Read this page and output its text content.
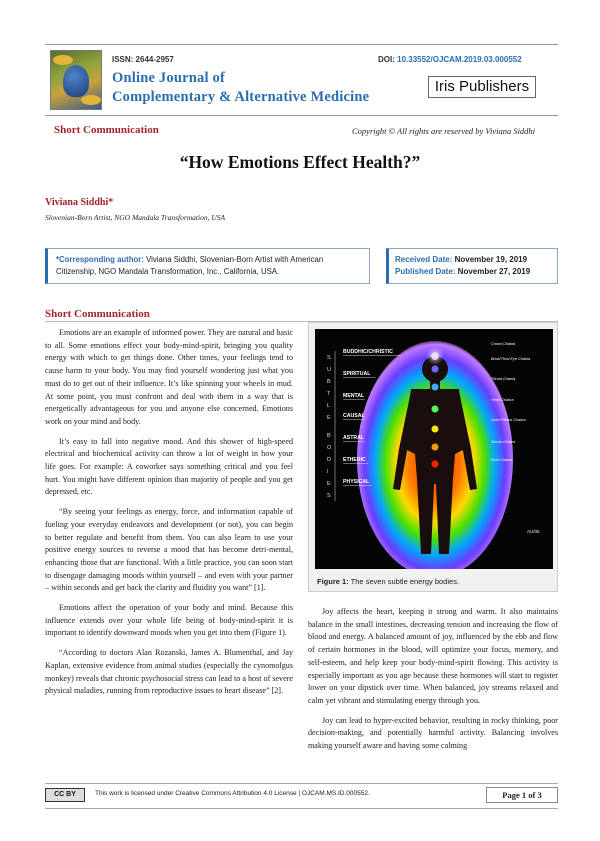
ISSN: 2644-2957	DOI: 10.33552/OJCAM.2019.03.000552
Online Journal of
Complementary & Alternative Medicine
Iris Publishers
Short Communication	Copyright © All rights are reserved by Viviana Siddhi
“How Emotions Effect Health?”
Viviana Siddhi*
Slovenian-Born Artist, NGO Mandala Transformation, USA
*Corresponding author: Viviana Siddhi, Slovenian-Born Artist with American Citizenship, NGO Mandala Transformation, Inc., California, USA.
Received Date: November 19, 2019
Published Date: November 27, 2019
Short Communication

Emotions are an example of informed power. They are natural and basic to all. Some emotions effect your body-mind-spirit, bringing you quality energy with which to get things done. Other times, your feelings tend to cause harm to your body. You may find yourself wondering just what you must do to get out of their influence. It’s like spinning your wheels in mud. At some point, you must confront and deal with them in a way that is energetically advantageous for you and anyone else concerned. Emotions work on your mind and body.

It’s easy to fall into negative mood. And this shower of high-speed electrical and biochemical activity can throw a lot of weight in how your life goes. For example: A coworker says something critical and you feel hurt. You might have different opinion than majority of people and you get depressed, etc.

“By seeing your feelings as energy, force, and information capable of fueling your everyday endeavors and development (or not), you can begin to better regulate and benefit from them. You can also learn to use your positive energy sources to reverse a mood that has become detri-mental, enhancing those that are functional. With a little practice, you can soon start to disengage damaging moods within yourself – and even with your partner – within seconds and get back the clarity and fluidity you want” [1].

Emotions affect the operation of your body and mind. Because this influence extends over your whole life being of body-mind-spirit it is important to identify downward moods when you get into them (Figure 1).

“According to doctors Alan Rozanski, James A. Blumenthal, and Jay Kaplan, extensive evidence from animal studies (especially the cynomolgus monkey) reveals that chronic psychosocial stress can lead to a host of severe physical maladies, running from reproductive issues to heart disease” [2].

S
U
B
T
L
E
B
O
D
I
E
S
BUDDHIC/CHRISTIC
SPIRITUAL
MENTAL
CAUSAL
ASTRAL
ETHERIC
PHYSICAL
Crown Chakra
Brow/Third Eye Chakra
Throat Chakra
Heart Chakra
Solar Plexus Chakra
Sacral Chakra
Root Chakra
AU/06
Figure 1: The seven subtle energy bodies.

Joy affects the heart, keeping it strong and warm. It also maintains balance in the small intestines, decreasing tension and increasing the flow of blood and energy. A balanced amount of joy, influenced by the ebb and flow of certain hormones in the blood, will optimize your focus, memory, and self-esteem, and help keep your body-mind-spirit flowing. This activity is especially important as you age because these hormones will start to register lower on your dipstick over time. When balanced, joy streams relaxed and calm yet vibrant and stimulating energy through you.

Joy can lead to hyper-excited behavior, resulting in rocky thinking, poor decision-making, and potentially harmful activity. Balancing involves making yourself aware and having some calming

CC BY	This work is licensed under Creative Commons Attribution 4.0 License | OJCAM.MS.ID.000552.	Page 1 of 3
